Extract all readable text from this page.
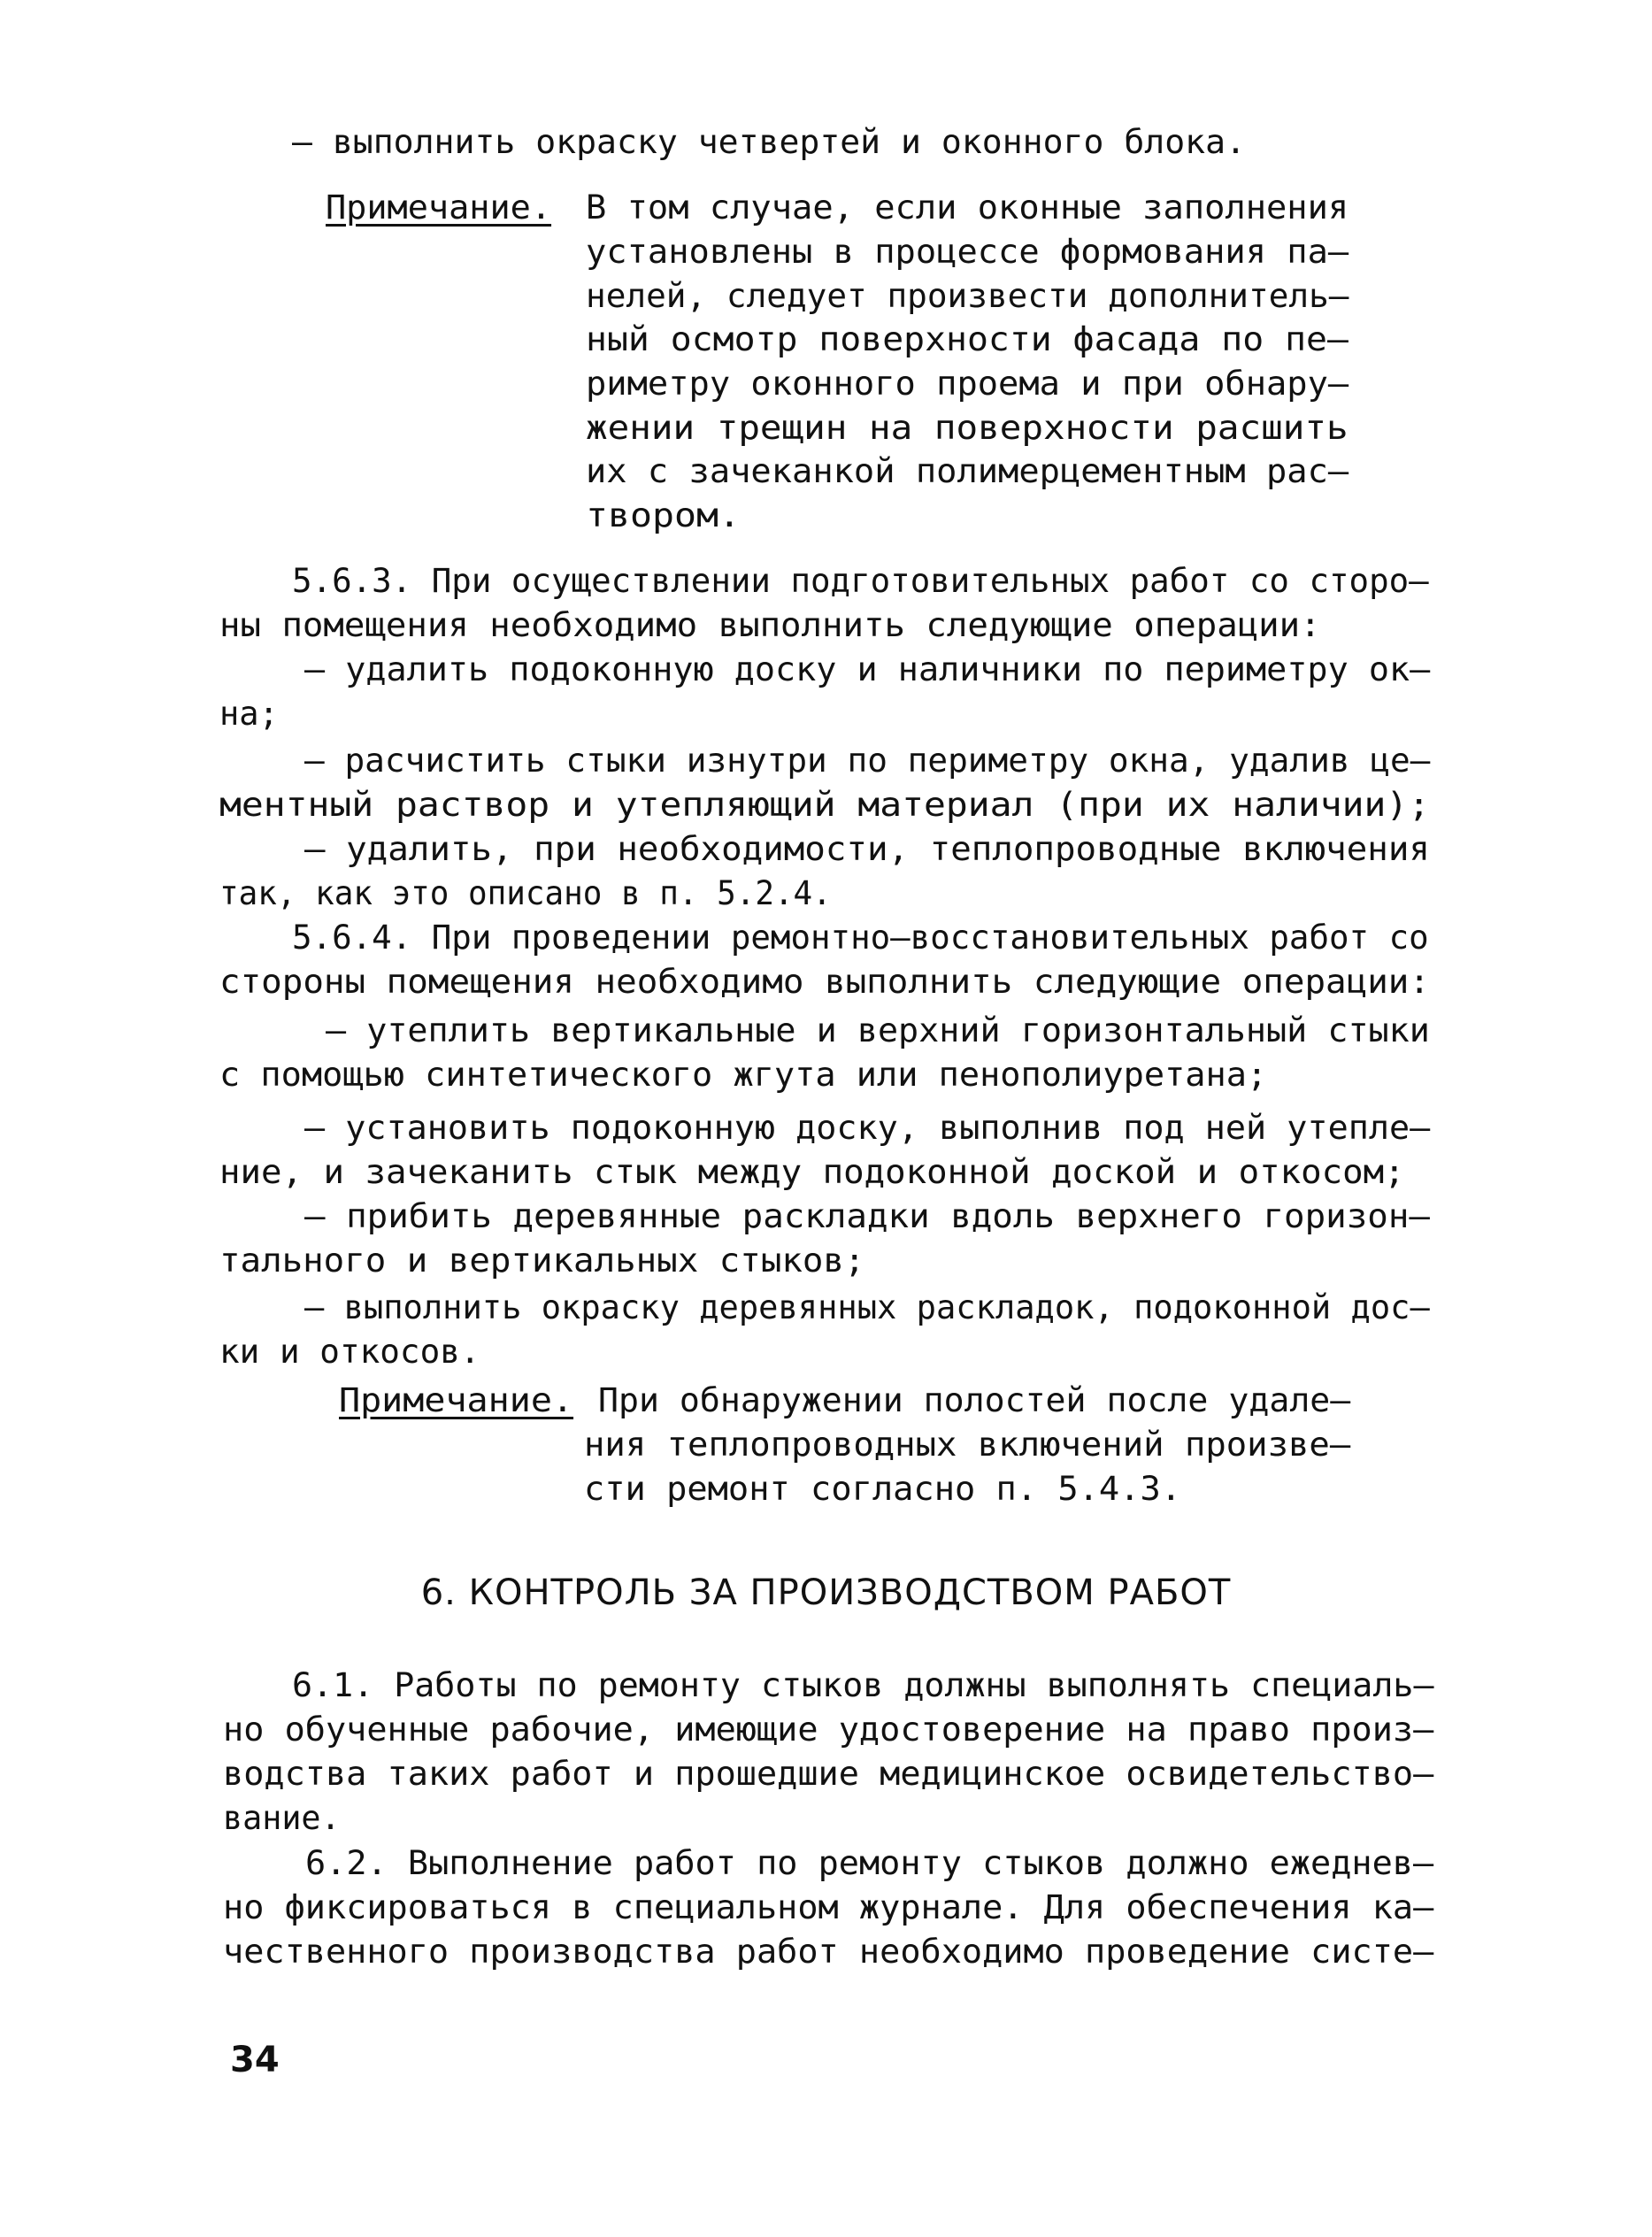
– выполнить окраску четвертей и оконного блока.
Примечание. В том случае, если оконные заполнения
установлены в процессе формования па–
нелей, следует произвести дополнитель–
ный осмотр поверхности фасада по пе–
риметру оконного проема и при обнару–
жении трещин на поверхности расшить
их с зачеканкой полимерцементным рас–
твором.
5.6.3. При осуществлении подготовительных работ со сторо–
ны помещения необходимо выполнить следующие операции:
– удалить подоконную доску и наличники по периметру ок–
на;
– расчистить стыки изнутри по периметру окна, удалив це–
ментный раствор и утепляющий материал (при их наличии);
– удалить, при необходимости, теплопроводные включения
так, как это описано в п. 5.2.4.
5.6.4. При проведении ремонтно–восстановительных работ со
стороны помещения необходимо выполнить следующие операции:
– утеплить вертикальные и верхний горизонтальный стыки
с помощью синтетического жгута или пенополиуретана;
– установить подоконную доску, выполнив под ней утепле–
ние, и зачеканить стык между подоконной доской и откосом;
– прибить деревянные раскладки вдоль верхнего горизон–
тального и вертикальных стыков;
– выполнить окраску деревянных раскладок, подоконной дос–
ки и откосов.
Примечание. При обнаружении полостей после удале–
ния теплопроводных включений произве–
сти ремонт согласно п. 5.4.3.
6. КОНТРОЛЬ ЗА ПРОИЗВОДСТВОМ РАБОТ
6.1. Работы по ремонту стыков должны выполнять специаль–
но обученные рабочие, имеющие удостоверение на право произ–
водства таких работ и прошедшие медицинское освидетельство–
вание.
6.2. Выполнение работ по ремонту стыков должно ежеднев–
но фиксироваться в специальном журнале. Для обеспечения ка–
чественного производства работ необходимо проведение систе–
34
